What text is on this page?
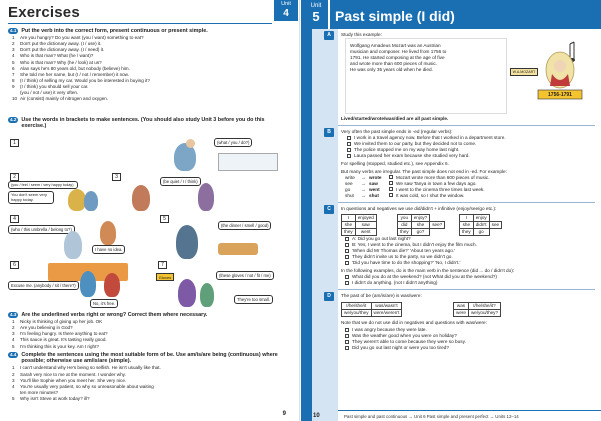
Exercises	Unit
4
4.1 Put the verb into the correct form, present continuous or present simple.
1	Are you hungry? Do you want (you / want) something to eat?
2	Don't put the dictionary away. (I / use) it.
3	Don't put the dictionary away. (I / need) it.
4	Who is that man? What (he / want)?
5	Who is that man? Why (he / look) at us?
6	Alan says he's 80 years old, but nobody (believe) him.
7	She told me her name, but (I / not / remember) it now.
8	(I / think) of selling my car. Would you be interested in buying it?
9	(I / think) you should sell your car.
(you / not / use) it very often.
10 Air (consist) mainly of nitrogen and oxygen.
4.2 Use the words in brackets to make sentences. (You should also study Unit 3 before you do this exercise.)
1	(what / you / do?)
2
(you / feel / seem / very happy today)
You don't seem very happy today.
3
(be quiet / I / think)
4
(who / this umbrella / belong to?)
I have no idea.
5
(the dinner / smell / good)
6
Excuse me. (anybody / sit / there?)
No, it's free.
7
Gloves	(these gloves / not / fit / me)
They're too small.
4.3 Are the underlined verbs right or wrong? Correct them where necessary.
1	Nicky is thinking of giving up her job. OK
2	Are you believing in God?
3	I'm feeling hungry. Is there anything to eat?
4	This sauce is great. It's tasting really good.
5	I'm thinking this is your key. Am I right?
4.4 Complete the sentences using the most suitable form of be. Use am/is/are being (continuous) where possible; otherwise use am/is/are (simple).
1	I can't understand why He's being so selfish. He isn't usually like that.
2	Sarah very nice to me at the moment. I wonder why.
3	You'll like Sophie when you meet her. She very nice.
4	You're usually very patient, so why so unreasonable about waiting
ten more minutes?
5	Why isn't Steve at work today? ill?
9
Unit
5	Past simple (I did)
A	Study this example:
Wolfgang Amadeus Mozart was an Austrian
musician and composer. He lived from 1756 to
1791. He started composing at the age of five
and wrote more than 600 pieces of music.
He was only 35 years old when he died.	W.A.MOZART
1756-1791
Lived/started/wrote/was/died are all past simple.
B	Very often the past simple ends in -ed (regular verbs):
I work in a travel agency now. Before that I worked in a department store.
We invited them to our party, but they decided not to come.
The police stopped me on my way home last night.
Laura passed her exam because she studied very hard.
For spelling (stopped, studied etc.), see Appendix 6.
But many verbs are irregular. The past simple does not end in -ed. For example:
write	→ wrote	Mozart wrote more than 600 pieces of music.
see	→ saw	We saw Tanya in town a few days ago.
go	→ went	I went to the cinema three times last week.
shut	→ shut	It was cold, so I shut the window.
C	In questions and negatives we use did/didn't + infinitive (enjoy/see/go etc.):
I	enjoyed
she	saw
they	went
you	enjoy?	
did	she	see?
they	go?	
I	enjoy	
she	didn't	see
they	go	
A: Did you go out last night?
B: Yes, I went to the cinema, but I didn't enjoy the film much.
'When did Mr Thomas die?' 'About ten years ago.'
They didn't invite us to the party, so we didn't go.
'Did you have time to do the shopping?' 'No, I didn't.'
In the following examples, do is the main verb in the sentence (did ... do / didn't do):
What did you do at the weekend? (not What did you at the weekend?)
I didn't do anything. (not I didn't anything)
D	The past of be (am/is/are) is was/were:
I/he/she/it	was/wasn't
we/you/they	were/weren't
was	I/he/she/it?
were	we/you/they?
Note that we do not use did in negatives and questions with was/were:
I was angry because they were late.
Was the weather good when you were on holiday?
They weren't able to come because they were so busy.
Did you go out last night or were you too tired?
10	Past simple and past continuous → Unit 6 Past simple and present perfect → Units 12–14
